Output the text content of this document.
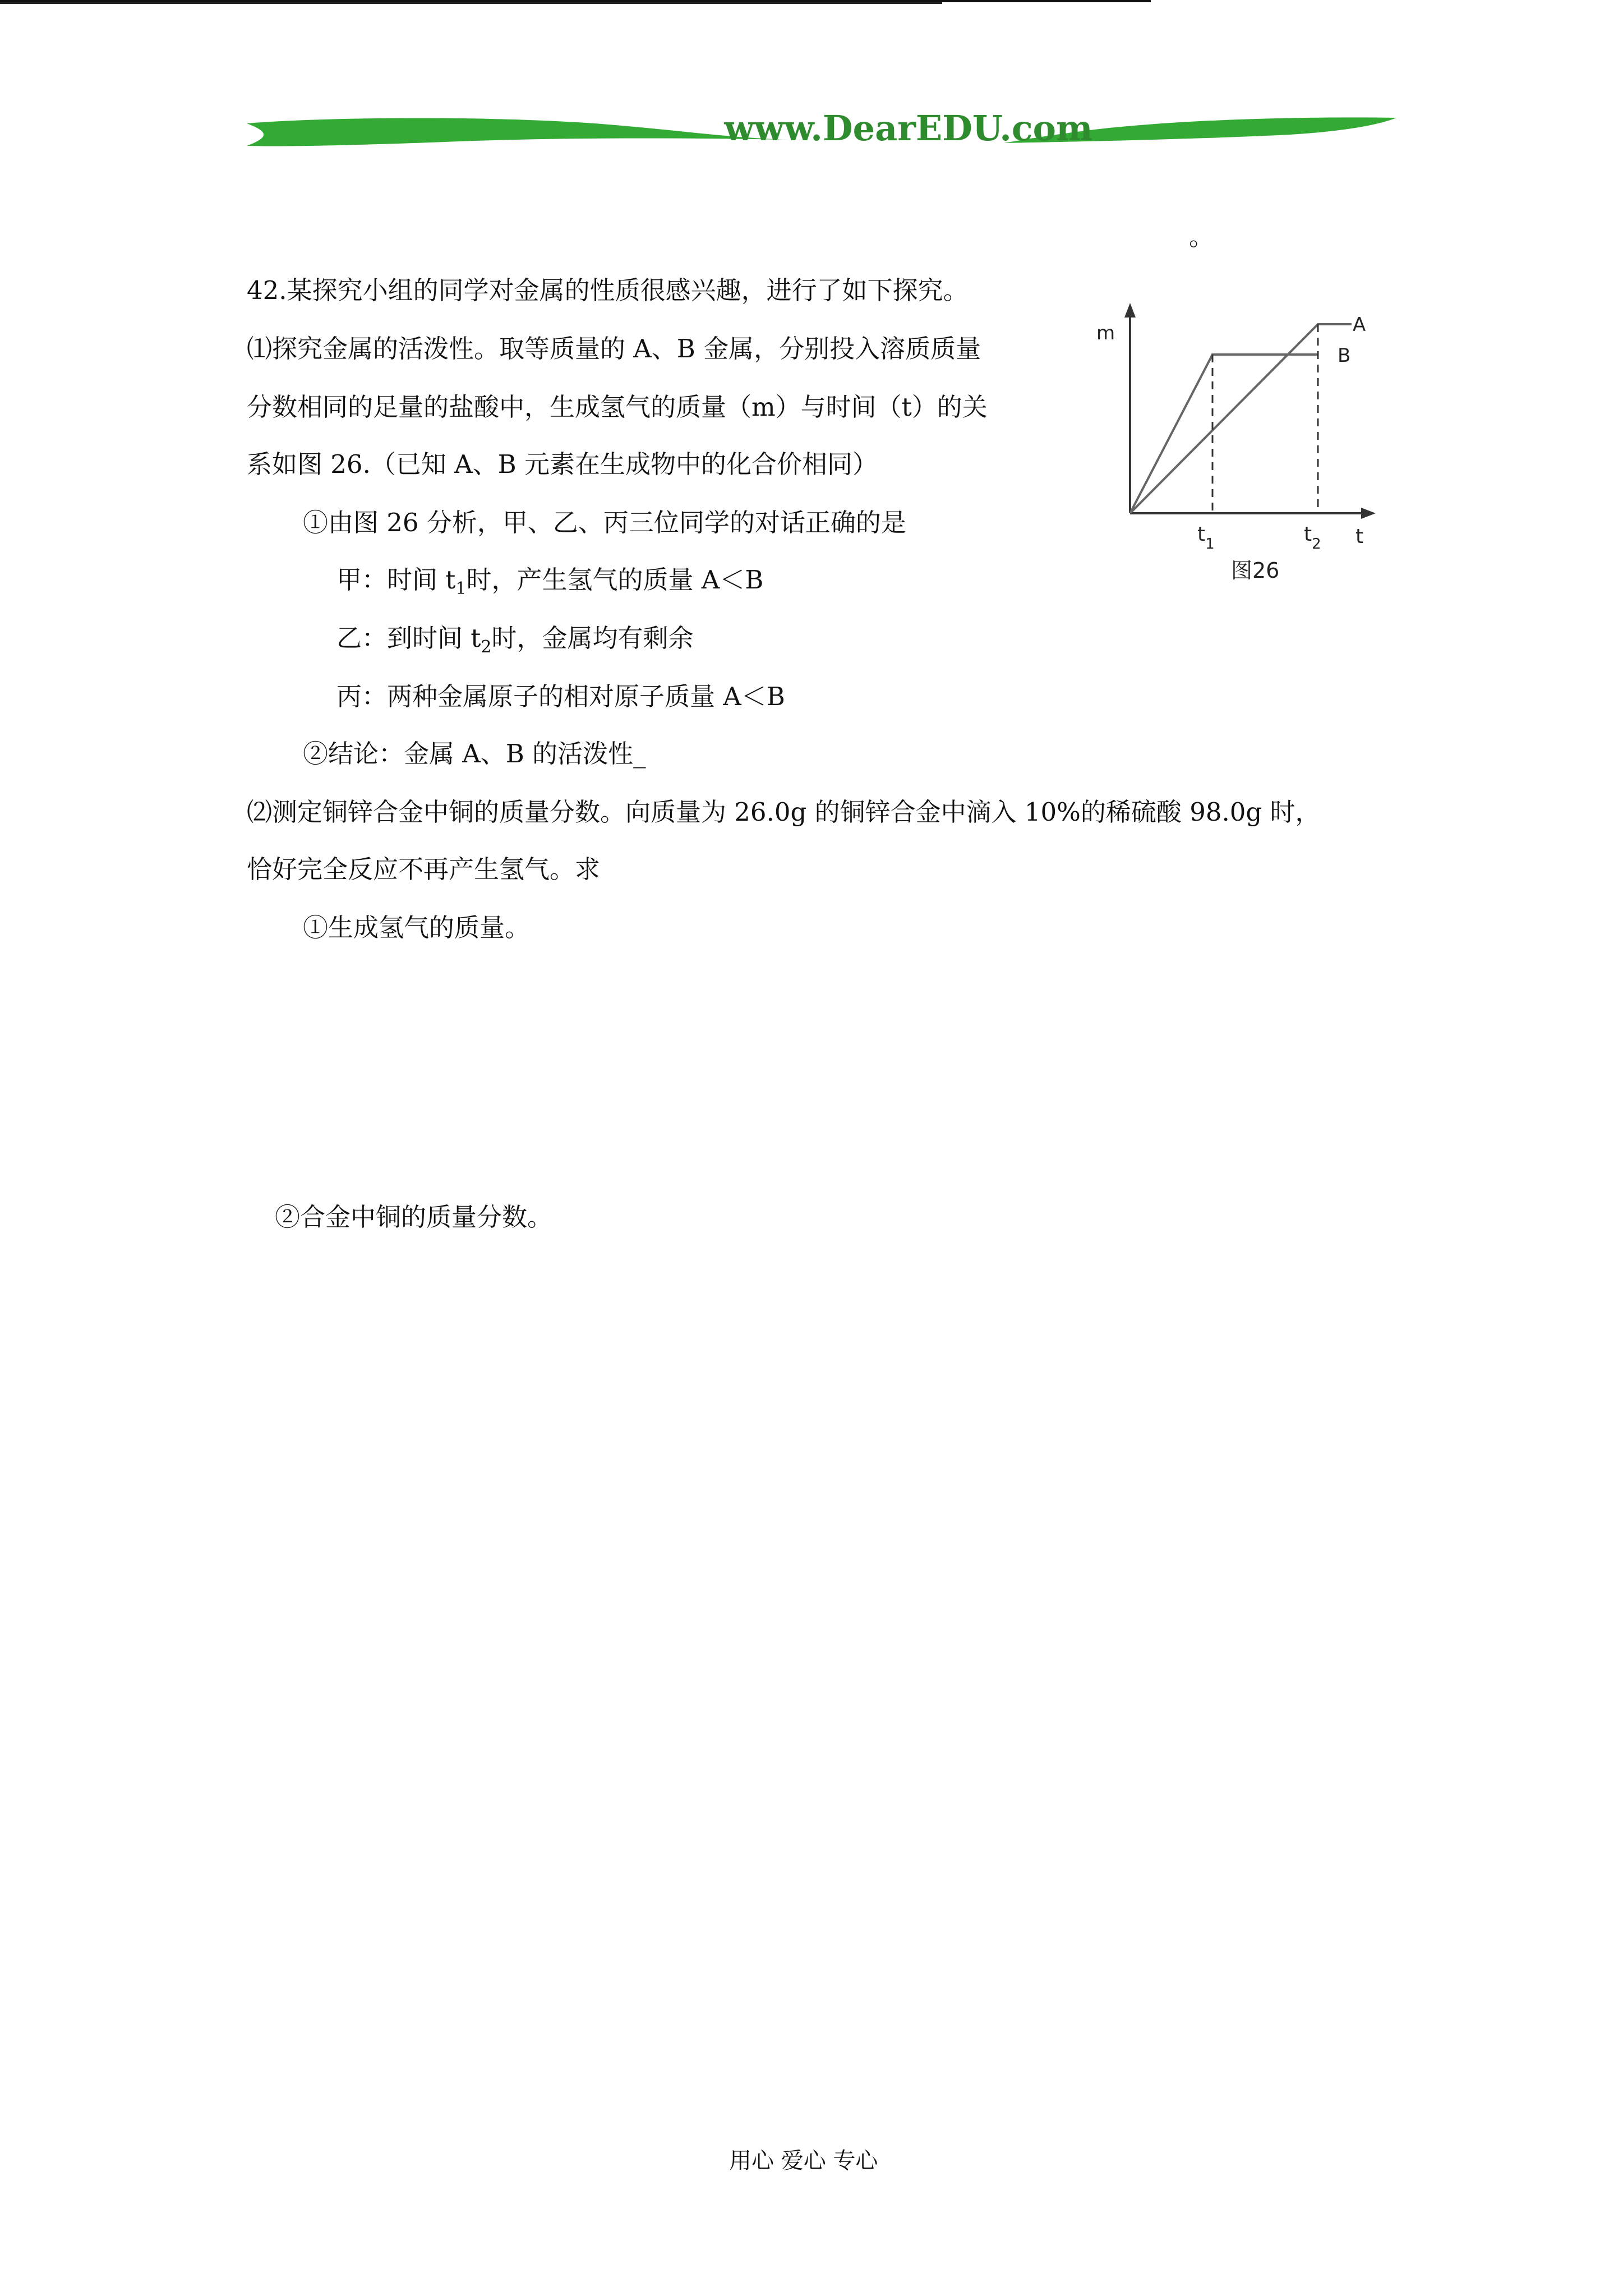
www.DearEDU.com
。
42.某探究小组的同学对金属的性质很感兴趣，进行了如下探究。
⑴探究金属的活泼性。取等质量的 A、B 金属，分别投入溶质质量
分数相同的足量的盐酸中，生成氢气的质量（m）与时间（t）的关
系如图 26.（已知 A、B 元素在生成物中的化合价相同）
①由图 26 分析，甲、乙、丙三位同学的对话正确的是
甲：时间 $t_1$时，产生氢气的质量 A＜B
乙：到时间 $t_2$时，金属均有剩余
丙：两种金属原子的相对原子质量 A＜B
②结论：金属 A、B 的活泼性_
⑵测定铜锌合金中铜的质量分数。向质量为 26.0g 的铜锌合金中滴入 10%的稀硫酸 98.0g 时，
恰好完全反应不再产生氢气。求
①生成氢气的质量。
②合金中铜的质量分数。
m
t
A
B
$t_1$	$t_2$
图26
用心 爱心 专心
